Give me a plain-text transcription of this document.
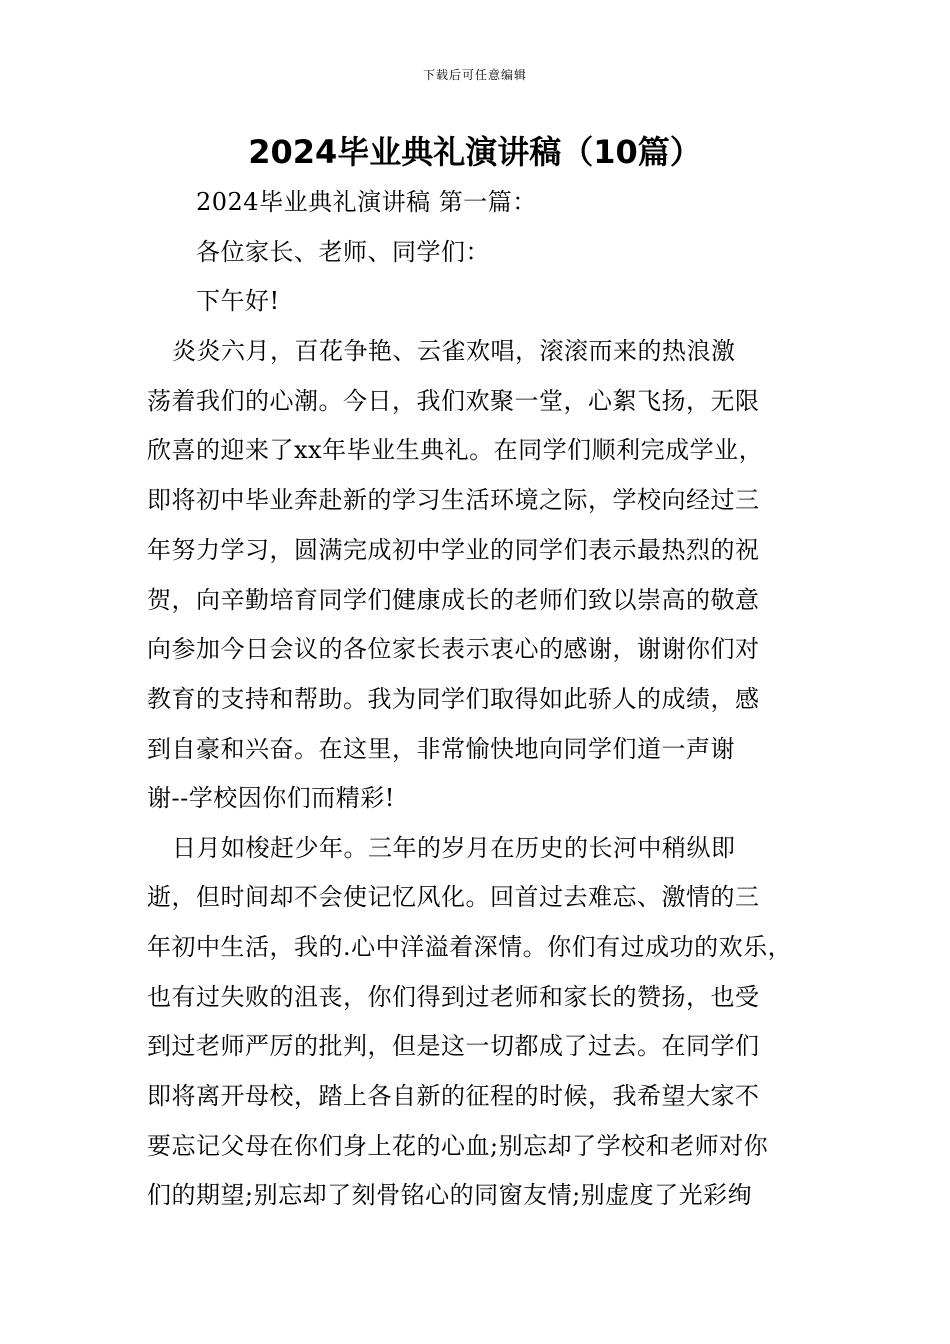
下载后可任意编辑
2024毕业典礼演讲稿（10篇）
2024毕业典礼演讲稿 第一篇：
各位家长、老师、同学们：
下午好!
炎炎六月，百花争艳、云雀欢唱，滚滚而来的热浪激
荡着我们的心潮。今日，我们欢聚一堂，心絮飞扬，无限
欣喜的迎来了xx年毕业生典礼。在同学们顺利完成学业，
即将初中毕业奔赴新的学习生活环境之际，学校向经过三
年努力学习，圆满完成初中学业的同学们表示最热烈的祝
贺，向辛勤培育同学们健康成长的老师们致以崇高的敬意
向参加今日会议的各位家长表示衷心的感谢，谢谢你们对
教育的支持和帮助。我为同学们取得如此骄人的成绩，感
到自豪和兴奋。在这里，非常愉快地向同学们道一声谢
谢--学校因你们而精彩!
日月如梭赶少年。三年的岁月在历史的长河中稍纵即
逝，但时间却不会使记忆风化。回首过去难忘、激情的三
年初中生活，我的.心中洋溢着深情。你们有过成功的欢乐，
也有过失败的沮丧，你们得到过老师和家长的赞扬，也受
到过老师严厉的批判，但是这一切都成了过去。在同学们
即将离开母校，踏上各自新的征程的时候，我希望大家不
要忘记父母在你们身上花的心血;别忘却了学校和老师对你
们的期望;别忘却了刻骨铭心的同窗友情;别虚度了光彩绚
